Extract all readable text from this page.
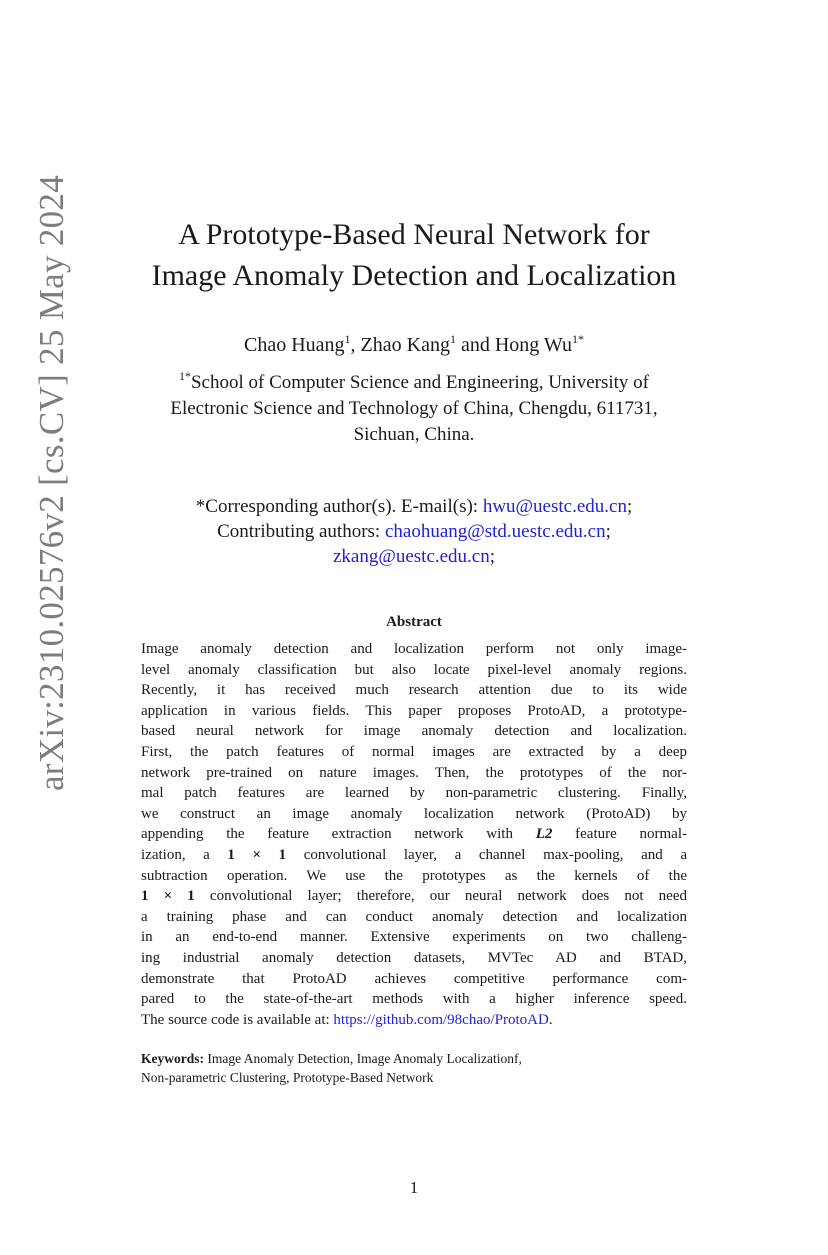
arXiv:2310.02576v2 [cs.CV] 25 May 2024	A Prototype-Based Neural Network for
Image Anomaly Detection and Localization
Chao Huang$^1$, Zhao Kang$^1$ and Hong $Wu^{1*}$
$^{1*}$School of Computer Science and Engineering, University of
Electronic Science and Technology of China, Chengdu, 611731,
Sichuan, China.
*Corresponding author(s). E-mail(s): hwu@uestc.edu.cn;
Contributing authors: chaohuang@std.uestc.edu.cn;
zkang@uestc.edu.cn;
Abstract
Image anomaly detection and localization perform not only image-
level anomaly classification but also locate pixel-level anomaly regions.
Recently, it has received much research attention due to its wide
application in various fields. This paper proposes ProtoAD, a prototype-
based neural network for image anomaly detection and localization.
First, the patch features of normal images are extracted by a deep
network pre-trained on nature images. Then, the prototypes of the nor-
mal patch features are learned by non-parametric clustering. Finally,
we construct an image anomaly localization network (ProtoAD) by
appending the feature extraction network with L2 feature normal-
ization, a 1 × 1 convolutional layer, a channel max-pooling, and a
subtraction operation. We use the prototypes as the kernels of the
1 × 1 convolutional layer; therefore, our neural network does not need
a training phase and can conduct anomaly detection and localization
in an end-to-end manner. Extensive experiments on two challeng-
ing industrial anomaly detection datasets, MVTec AD and BTAD,
demonstrate that ProtoAD achieves competitive performance com-
pared to the state-of-the-art methods with a higher inference speed.
The source code is available at: https://github.com/98chao/ProtoAD.
Keywords: Image Anomaly Detection, Image Anomaly Localizationf,
Non-parametric Clustering, Prototype-Based Network
1
